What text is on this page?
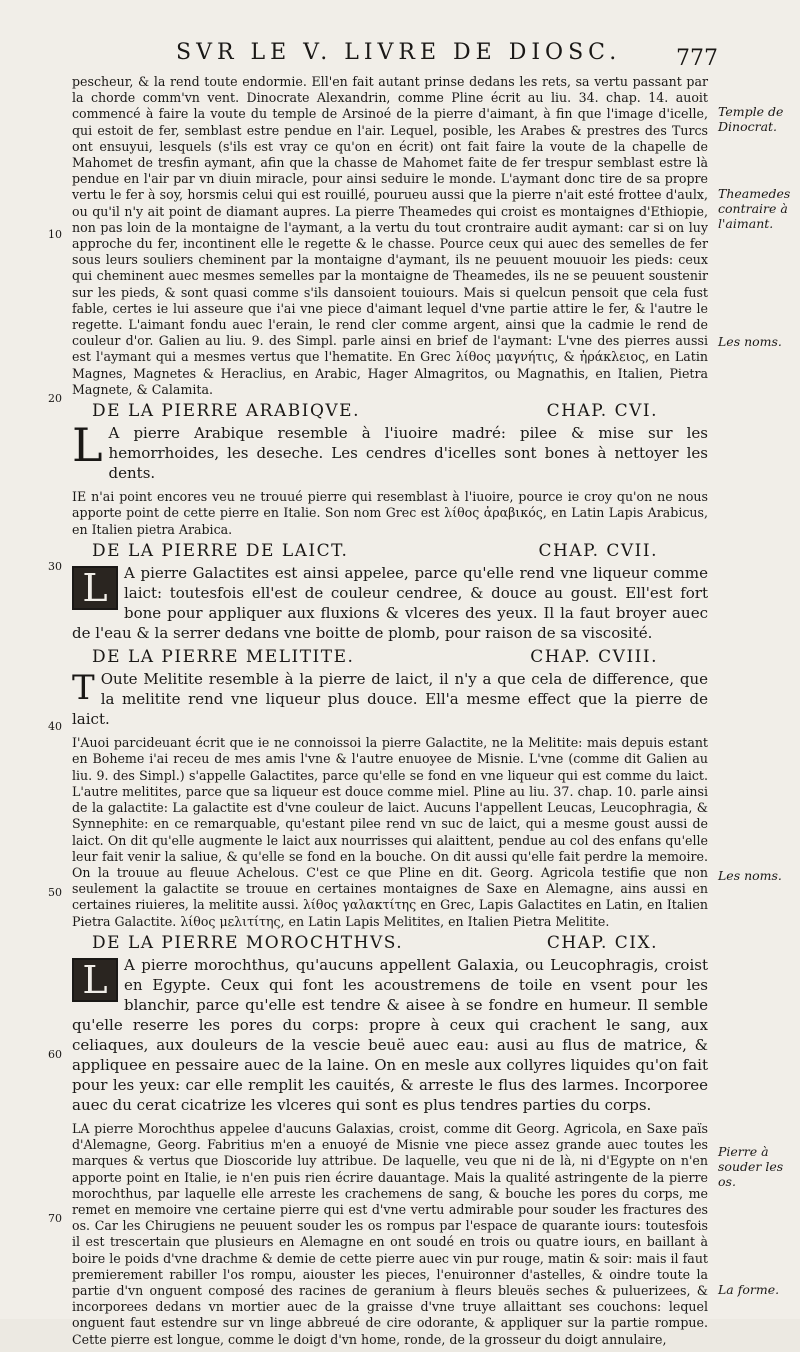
SVR LE V. LIVRE DE DIOSC. 777
10
20
30
40
50
60
70
Temple de Dinocrat.
Theamedes contraire à l'aimant.
Les noms.
Les noms.
Pierre à souder les os.
La forme.

pescheur, & la rend toute endormie. Ell'en fait autant prinse dedans les rets, sa vertu passant par la chorde comm'vn vent. Dinocrate Alexandrin, comme Pline écrit au liu. 34. chap. 14. auoit commencé à faire la voute du temple de Arsinoé de la pierre d'aimant, à fin que l'image d'icelle, qui estoit de fer, semblast estre pendue en l'air. Lequel, posible, les Arabes & prestres des Turcs ont ensuyui, lesquels (s'ils est vray ce qu'on en écrit) ont fait faire la voute de la chapelle de Mahomet de tresfin aymant, afin que la chasse de Mahomet faite de fer trespur semblast estre là pendue en l'air par vn diuin miracle, pour ainsi seduire le monde. L'aymant donc tire de sa propre vertu le fer à soy, horsmis celui qui est rouillé, pourueu aussi que la pierre n'ait esté frottee d'aulx, ou qu'il n'y ait point de diamant aupres. La pierre Theamedes qui croist es montaignes d'Ethiopie, non pas loin de la montaigne de l'aymant, a la vertu du tout crontraire audit aymant: car si on luy approche du fer, incontinent elle le regette & le chasse. Pource ceux qui auec des semelles de fer sous leurs souliers cheminent par la montaigne d'aymant, ils ne peuuent mouuoir les pieds: ceux qui cheminent auec mesmes semelles par la montaigne de Theamedes, ils ne se peuuent soustenir sur les pieds, & sont quasi comme s'ils dansoient touiours. Mais si quelcun pensoit que cela fust fable, certes ie lui asseure que i'ai vne piece d'aimant lequel d'vne partie attire le fer, & l'autre le regette. L'aimant fondu auec l'erain, le rend cler comme argent, ainsi que la cadmie le rend de couleur d'or. Galien au liu. 9. des Simpl. parle ainsi en brief de l'aymant: L'vne des pierres aussi est l'aymant qui a mesmes vertus que l'hematite. En Grec λίθος μαγνήτις, & ἡράκλειος, en Latin Magnes, Magnetes & Heraclius, en Arabic, Hager Almagritos, ou Magnathis, en Italien, Pietra Magnete, & Calamita.

DE LA PIERRE ARABIQVE.	CHAP. CVI.

L A pierre Arabique resemble à l'iuoire madré: pilee & mise sur les hemorrhoides, les deseche. Les cendres d'icelles sont bones à nettoyer les dents.

IE n'ai point encores veu ne trouué pierre qui resemblast à l'iuoire, pource ie croy qu'on ne nous apporte point de cette pierre en Italie. Son nom Grec est λίθος ἀραβικός, en Latin Lapis Arabicus, en Italien pietra Arabica.

DE LA PIERRE DE LAICT.	CHAP. CVII.

L	A pierre Galactites est ainsi appelee, parce qu'elle rend vne liqueur comme laict: toutesfois ell'est de couleur cendree, & douce au goust. Ell'est fort bone pour appliquer aux fluxions & vlceres des yeux. Il la faut broyer auec de l'eau & la serrer dedans vne boitte de plomb, pour raison de sa viscosité.

DE LA PIERRE MELITITE.	CHAP. CVIII.

T Oute Melitite resemble à la pierre de laict, il n'y a que cela de difference, que la melitite rend vne liqueur plus douce. Ell'a mesme effect que la pierre de laict.

I'Auoi parcideuant écrit que ie ne connoissoi la pierre Galactite, ne la Melitite: mais depuis estant en Boheme i'ai receu de mes amis l'vne & l'autre enuoyee de Misnie. L'vne (comme dit Galien au liu. 9. des Simpl.) s'appelle Galactites, parce qu'elle se fond en vne liqueur qui est comme du laict. L'autre melitites, parce que sa liqueur est douce comme miel. Pline au liu. 37. chap. 10. parle ainsi de la galactite: La galactite est d'vne couleur de laict. Aucuns l'appellent Leucas, Leucophragia, & Synnephite: en ce remarquable, qu'estant pilee rend vn suc de laict, qui a mesme goust aussi de laict. On dit qu'elle augmente le laict aux nourrisses qui alaittent, pendue au col des enfans qu'elle leur fait venir la saliue, & qu'elle se fond en la bouche. On dit aussi qu'elle fait perdre la memoire. On la trouue au fleuue Achelous. C'est ce que Pline en dit. Georg. Agricola testifie que non seulement la galactite se trouue en certaines montaignes de Saxe en Alemagne, ains aussi en certaines riuieres, la melitite aussi. λίθος γαλακτίτης en Grec, Lapis Galactites en Latin, en Italien Pietra Galactite. λίθος μελιτίτης, en Latin Lapis Melitites, en Italien Pietra Melitite.

DE LA PIERRE MOROCHTHVS.	CHAP. CIX.

L	A pierre morochthus, qu'aucuns appellent Galaxia, ou Leucophragis, croist en Egypte. Ceux qui font les acoustremens de toile en vsent pour les blanchir, parce qu'elle est tendre & aisee à se fondre en humeur. Il semble qu'elle reserre les pores du corps: propre à ceux qui crachent le sang, aux celiaques, aux douleurs de la vescie beuë auec eau: ausi au flus de matrice, & appliquee en pessaire auec de la laine. On en mesle aux collyres liquides qu'on fait pour les yeux: car elle remplit les cauités, & arreste le flus des larmes. Incorporee auec du cerat cicatrize les vlceres qui sont es plus tendres parties du corps.

LA pierre Morochthus appelee d'aucuns Galaxias, croist, comme dit Georg. Agricola, en Saxe païs d'Alemagne, Georg. Fabritius m'en a enuoyé de Misnie vne piece assez grande auec toutes les marques & vertus que Dioscoride luy attribue. De laquelle, veu que ni de là, ni d'Egypte on n'en apporte point en Italie, ie n'en puis rien écrire dauantage. Mais la qualité astringente de la pierre morochthus, par laquelle elle arreste les crachemens de sang, & bouche les pores du corps, me remet en memoire vne certaine pierre qui est d'vne vertu admirable pour souder les fractures des os. Car les Chirugiens ne peuuent souder les os rompus par l'espace de quarante iours: toutesfois il est trescertain que plusieurs en Alemagne en ont soudé en trois ou quatre iours, en baillant à boire le poids d'vne drachme & demie de cette pierre auec vin pur rouge, matin & soir: mais il faut premierement rabiller l'os rompu, aiouster les pieces, l'enuironner d'astelles, & oindre toute la partie d'vn onguent composé des racines de geranium à fleurs bleuës seches & puluerizees, & incorporees dedans vn mortier auec de la graisse d'vne truye allaittant ses couchons: lequel onguent faut estendre sur vn linge abbreué de cire odorante, & appliquer sur la partie rompue. Cette pierre est longue, comme le doigt d'vn home, ronde, de la grosseur du doigt annulaire,
